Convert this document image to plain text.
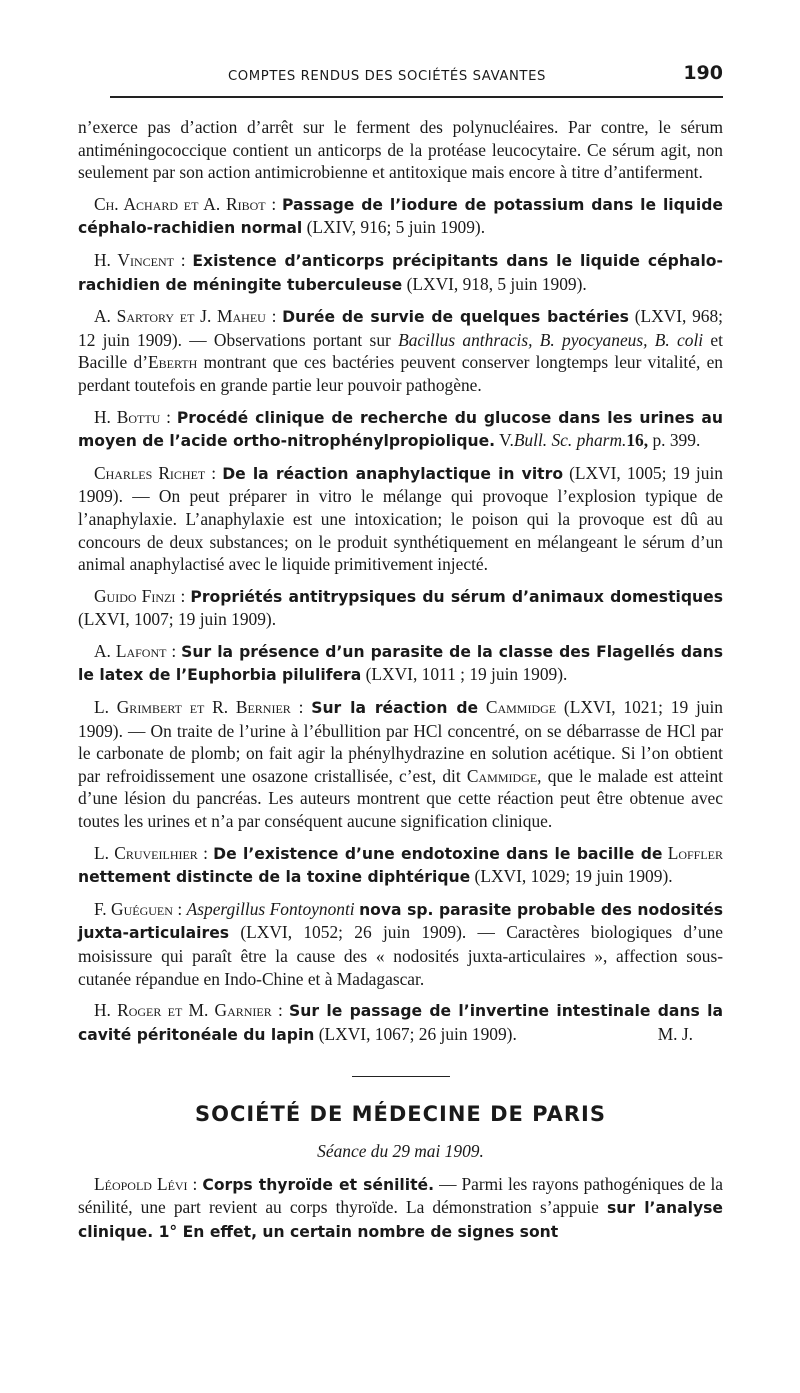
COMPTES RENDUS DES SOCIÉTÉS SAVANTES	190

n’exerce pas d’action d’arrêt sur le ferment des polynucléaires. Par contre, le sérum antiméningococcique contient un anticorps de la protéase leucocytaire. Ce sérum agit, non seulement par son action antimicrobienne et antitoxique mais encore à titre d’antiferment.

Ch. Achard et A. Ribot : Passage de l’iodure de potassium dans le liquide céphalo-rachidien normal (LXIV, 916; 5 juin 1909).

H. Vincent : Existence d’anticorps précipitants dans le liquide céphalo-rachidien de méningite tuberculeuse (LXVI, 918, 5 juin 1909).

A. Sartory et J. Maheu : Durée de survie de quelques bactéries (LXVI, 968; 12 juin 1909). — Observations portant sur Bacillus anthracis, B. pyocyaneus, B. coli et Bacille d’Eberth montrant que ces bactéries peuvent conserver longtemps leur vitalité, en perdant toutefois en grande partie leur pouvoir pathogène.

H. Bottu : Procédé clinique de recherche du glucose dans les urines au moyen de l’acide ortho-nitrophénylpropiolique. V.Bull. Sc. pharm.16, p. 399.

Charles Richet : De la réaction anaphylactique in vitro (LXVI, 1005; 19 juin 1909). — On peut préparer in vitro le mélange qui provoque l’explosion typique de l’anaphylaxie. L’anaphylaxie est une intoxication; le poison qui la provoque est dû au concours de deux substances; on le produit synthétiquement en mélangeant le sérum d’un animal anaphylactisé avec le liquide primitivement injecté.

Guido Finzi : Propriétés antitrypsiques du sérum d’animaux domestiques (LXVI, 1007; 19 juin 1909).

A. Lafont : Sur la présence d’un parasite de la classe des Flagellés dans le latex de l’Euphorbia pilulifera (LXVI, 1011 ; 19 juin 1909).

L. Grimbert et R. Bernier : Sur la réaction de Cammidge (LXVI, 1021; 19 juin 1909). — On traite de l’urine à l’ébullition par HCl concentré, on se débarrasse de HCl par le carbonate de plomb; on fait agir la phénylhydrazine en solution acétique. Si l’on obtient par refroidissement une osazone cristallisée, c’est, dit Cammidge, que le malade est atteint d’une lésion du pancréas. Les auteurs montrent que cette réaction peut être obtenue avec toutes les urines et n’a par conséquent aucune signification clinique.

L. Cruveilhier : De l’existence d’une endotoxine dans le bacille de Loffler nettement distincte de la toxine diphtérique (LXVI, 1029; 19 juin 1909).

F. Guéguen : Aspergillus Fontoynonti nova sp. parasite probable des nodosités juxta-articulaires (LXVI, 1052; 26 juin 1909). — Caractères biologiques d’une moisissure qui paraît être la cause des « nodosités juxta-articulaires », affection sous-cutanée répandue en Indo-Chine et à Madagascar.

H. Roger et M. Garnier : Sur le passage de l’invertine intestinale dans la cavité péritonéale du lapin (LXVI, 1067; 26 juin 1909).	M. J.

SOCIÉTÉ DE MÉDECINE DE PARIS
Séance du 29 mai 1909.

Léopold Lévi : Corps thyroïde et sénilité. — Parmi les rayons pathogéniques de la sénilité, une part revient au corps thyroïde. La démonstration s’appuie sur l’analyse clinique. 1° En effet, un certain nombre de signes sont
